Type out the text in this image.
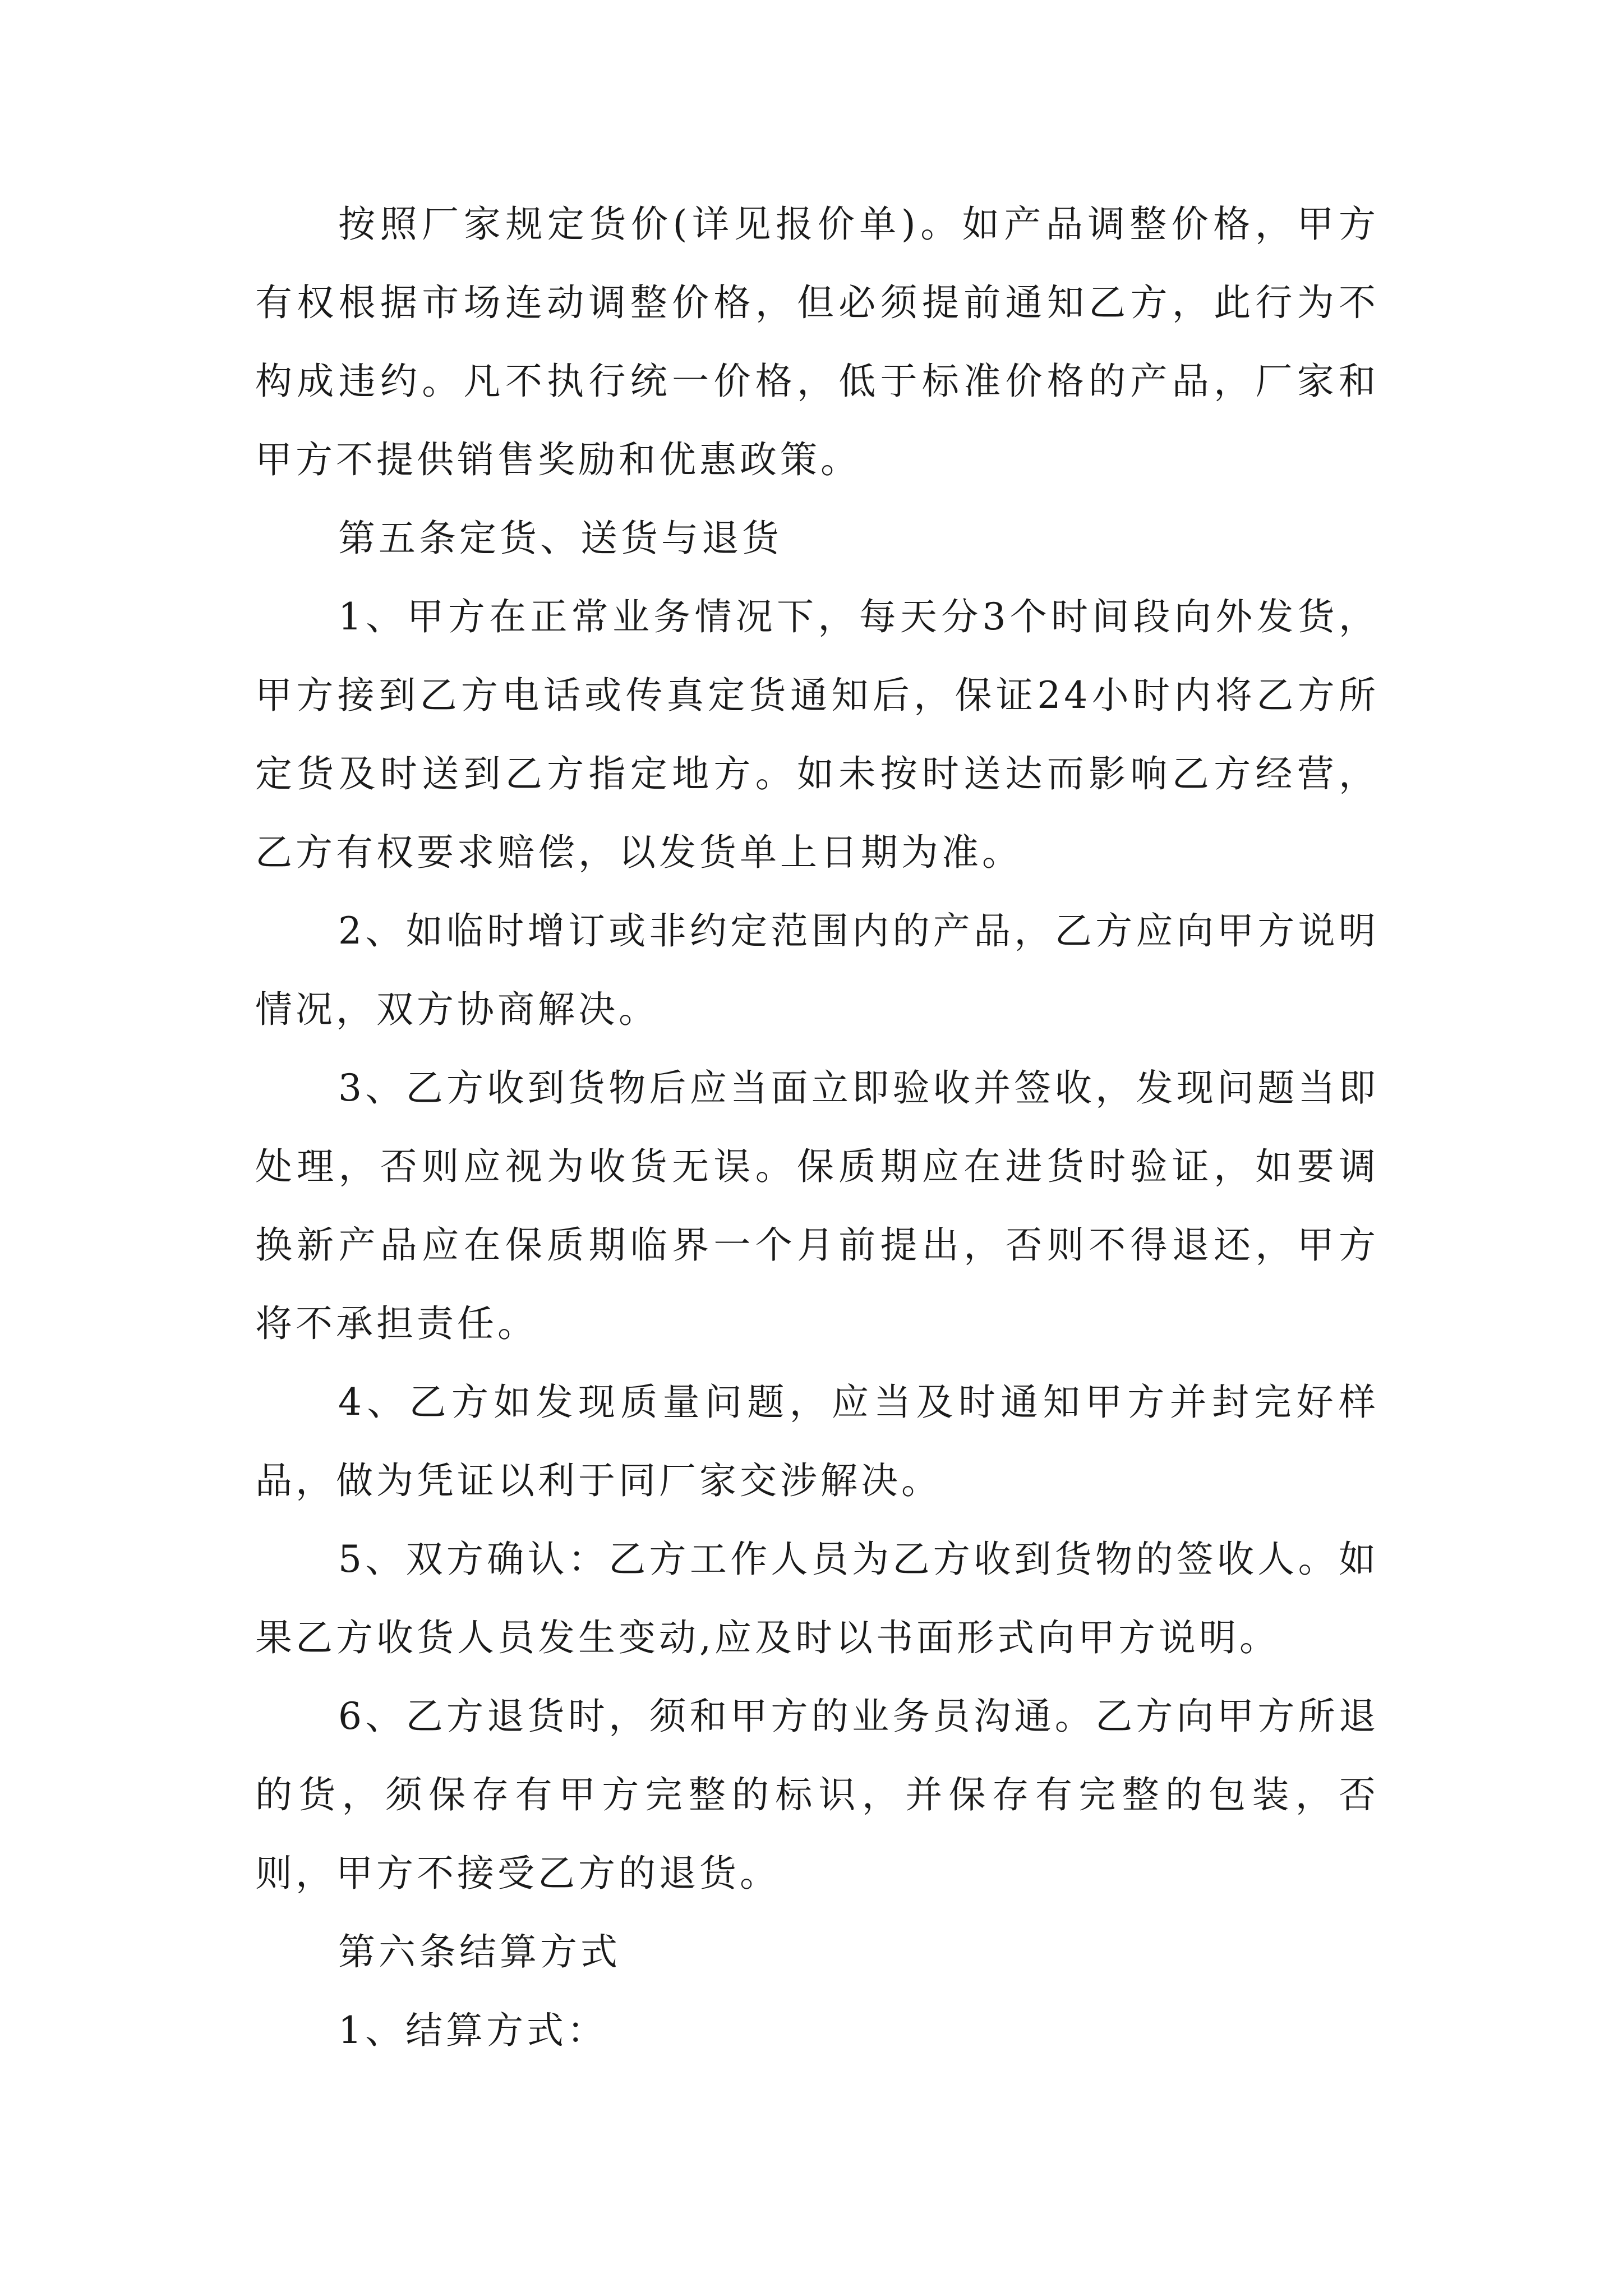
按照厂家规定货价(详见报价单)。如产品调整价格，甲方有权根据市场连动调整价格，但必须提前通知乙方，此行为不构成违约。凡不执行统一价格，低于标准价格的产品，厂家和甲方不提供销售奖励和优惠政策。

第五条定货、送货与退货

1、甲方在正常业务情况下，每天分3个时间段向外发货，甲方接到乙方电话或传真定货通知后，保证24小时内将乙方所定货及时送到乙方指定地方。如未按时送达而影响乙方经营，乙方有权要求赔偿，以发货单上日期为准。

2、如临时增订或非约定范围内的产品，乙方应向甲方说明情况，双方协商解决。

3、乙方收到货物后应当面立即验收并签收，发现问题当即处理，否则应视为收货无误。保质期应在进货时验证，如要调换新产品应在保质期临界一个月前提出，否则不得退还，甲方将不承担责任。

4、乙方如发现质量问题，应当及时通知甲方并封完好样品，做为凭证以利于同厂家交涉解决。

5、双方确认：乙方工作人员为乙方收到货物的签收人。如果乙方收货人员发生变动,应及时以书面形式向甲方说明。

6、乙方退货时，须和甲方的业务员沟通。乙方向甲方所退的货，须保存有甲方完整的标识，并保存有完整的包装，否则，甲方不接受乙方的退货。

第六条结算方式

1、结算方式：
